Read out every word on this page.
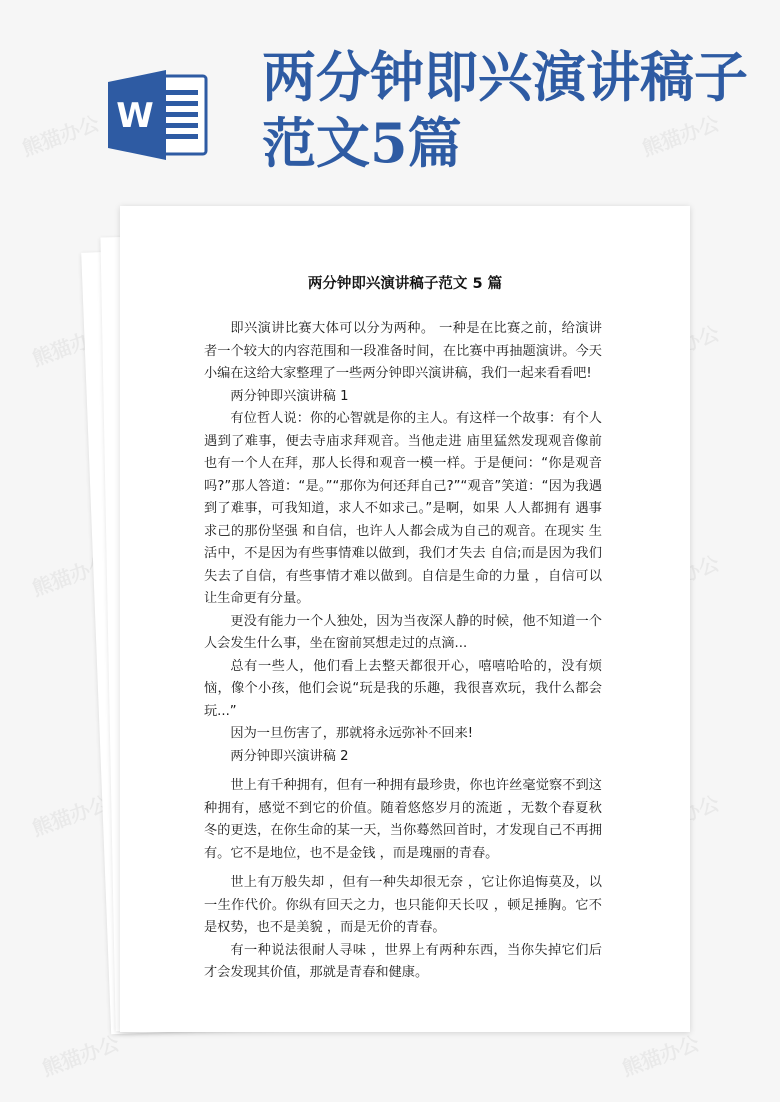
熊猫办公	熊猫办公
熊猫办公
熊猫办公
熊猫办公
熊猫办公	熊猫办公
W
两分钟即兴演讲稿子范文5篇
两分钟即兴演讲稿子范文 5 篇

即兴演讲比赛大体可以分为两种。 一种是在比赛之前，给演讲者一个较大的内容范围和一段准备时间，在比赛中再抽题演讲。今天小编在这给大家整理了一些两分钟即兴演讲稿，我们一起来看看吧!

两分钟即兴演讲稿 1

有位哲人说：你的心智就是你的主人。有这样一个故事：有个人遇到了难事，便去寺庙求拜观音。当他走进 庙里猛然发现观音像前也有一个人在拜，那人长得和观音一模一样。于是便问：“你是观音吗?”那人答道：“是。”“那你为何还拜自己?”“观音”笑道：“因为我遇到了难事，可我知道，求人不如求己。”是啊，如果 人人都拥有 遇事求己的那份坚强 和自信，也许人人都会成为自己的观音。在现实 生活中，不是因为有些事情难以做到，我们才失去 自信;而是因为我们失去了自信，有些事情才难以做到。自信是生命的力量 ，自信可以让生命更有分量。

更没有能力一个人独处，因为当夜深人静的时候，他不知道一个人会发生什么事，坐在窗前冥想走过的点滴...

总有一些人，他们看上去整天都很开心，嘻嘻哈哈的，没有烦恼，像个小孩，他们会说“玩是我的乐趣，我很喜欢玩，我什么都会玩...”

因为一旦伤害了，那就将永远弥补不回来!

两分钟即兴演讲稿 2

世上有千种拥有，但有一种拥有最珍贵，你也许丝毫觉察不到这种拥有，感觉不到它的价值。随着悠悠岁月的流逝 ，无数个春夏秋冬的更迭，在你生命的某一天，当你蓦然回首时，才发现自己不再拥有。它不是地位，也不是金钱 ，而是瑰丽的青春。

世上有万般失却 ，但有一种失却很无奈 ，它让你追悔莫及，以一生作代价。你纵有回天之力，也只能仰天长叹 ，顿足捶胸。它不是权势，也不是美貌 ，而是无价的青春。

有一种说法很耐人寻味 ，世界上有两种东西，当你失掉它们后才会发现其价值，那就是青春和健康。
